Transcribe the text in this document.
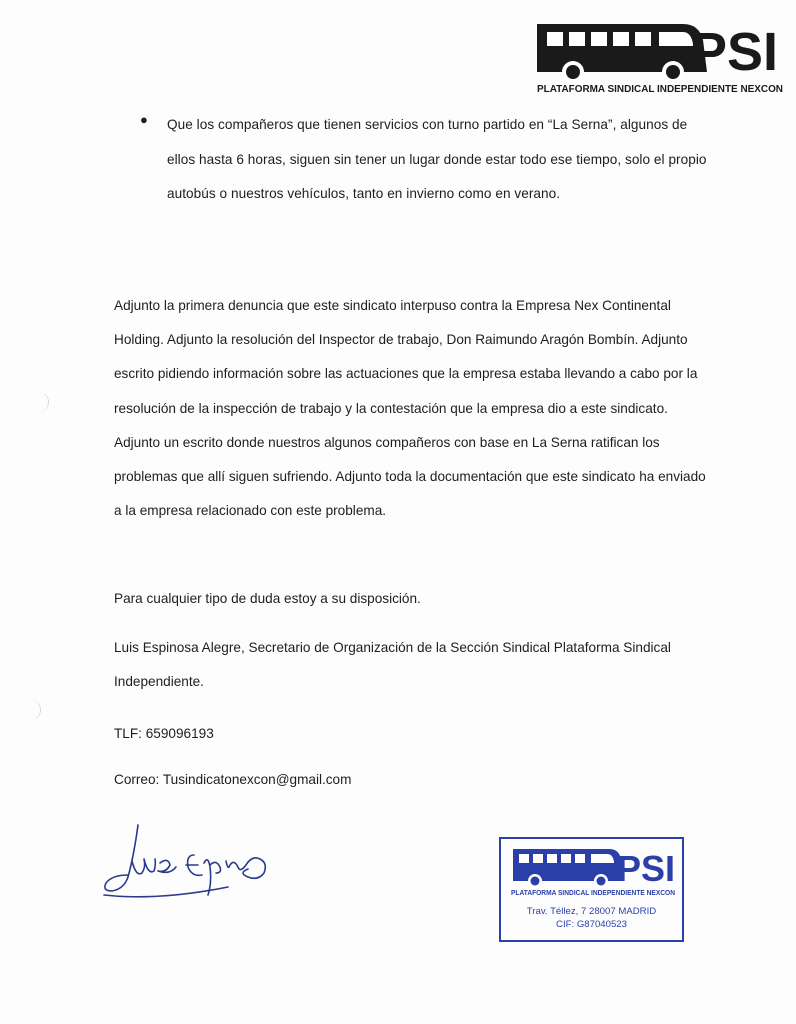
PSI
PLATAFORMA SINDICAL INDEPENDIENTE NEXCON
● Que los compañeros que tienen servicios con turno partido en “La Serna”, algunos de ellos hasta 6 horas, siguen sin tener un lugar donde estar todo ese tiempo, solo el propio autobús o nuestros vehículos, tanto en invierno como en verano.

Adjunto la primera denuncia que este sindicato interpuso contra la Empresa Nex Continental Holding. Adjunto la resolución del Inspector de trabajo, Don Raimundo Aragón Bombín. Adjunto escrito pidiendo información sobre las actuaciones que la empresa estaba llevando a cabo por la resolución de la inspección de trabajo y la contestación que la empresa dio a este sindicato. Adjunto un escrito donde nuestros algunos compañeros con base en La Serna ratifican los problemas que allí siguen sufriendo. Adjunto toda la documentación que este sindicato ha enviado a la empresa relacionado con este problema.

Para cualquier tipo de duda estoy a su disposición.

Luis Espinosa Alegre, Secretario de Organización de la Sección Sindical Plataforma Sindical Independiente.

TLF: 659096193

Correo: Tusindicatonexcon@gmail.com

PSI
PLATAFORMA SINDICAL INDEPENDIENTE NEXCON
Trav. Téllez, 7 28007 MADRID
CIF: G87040523
